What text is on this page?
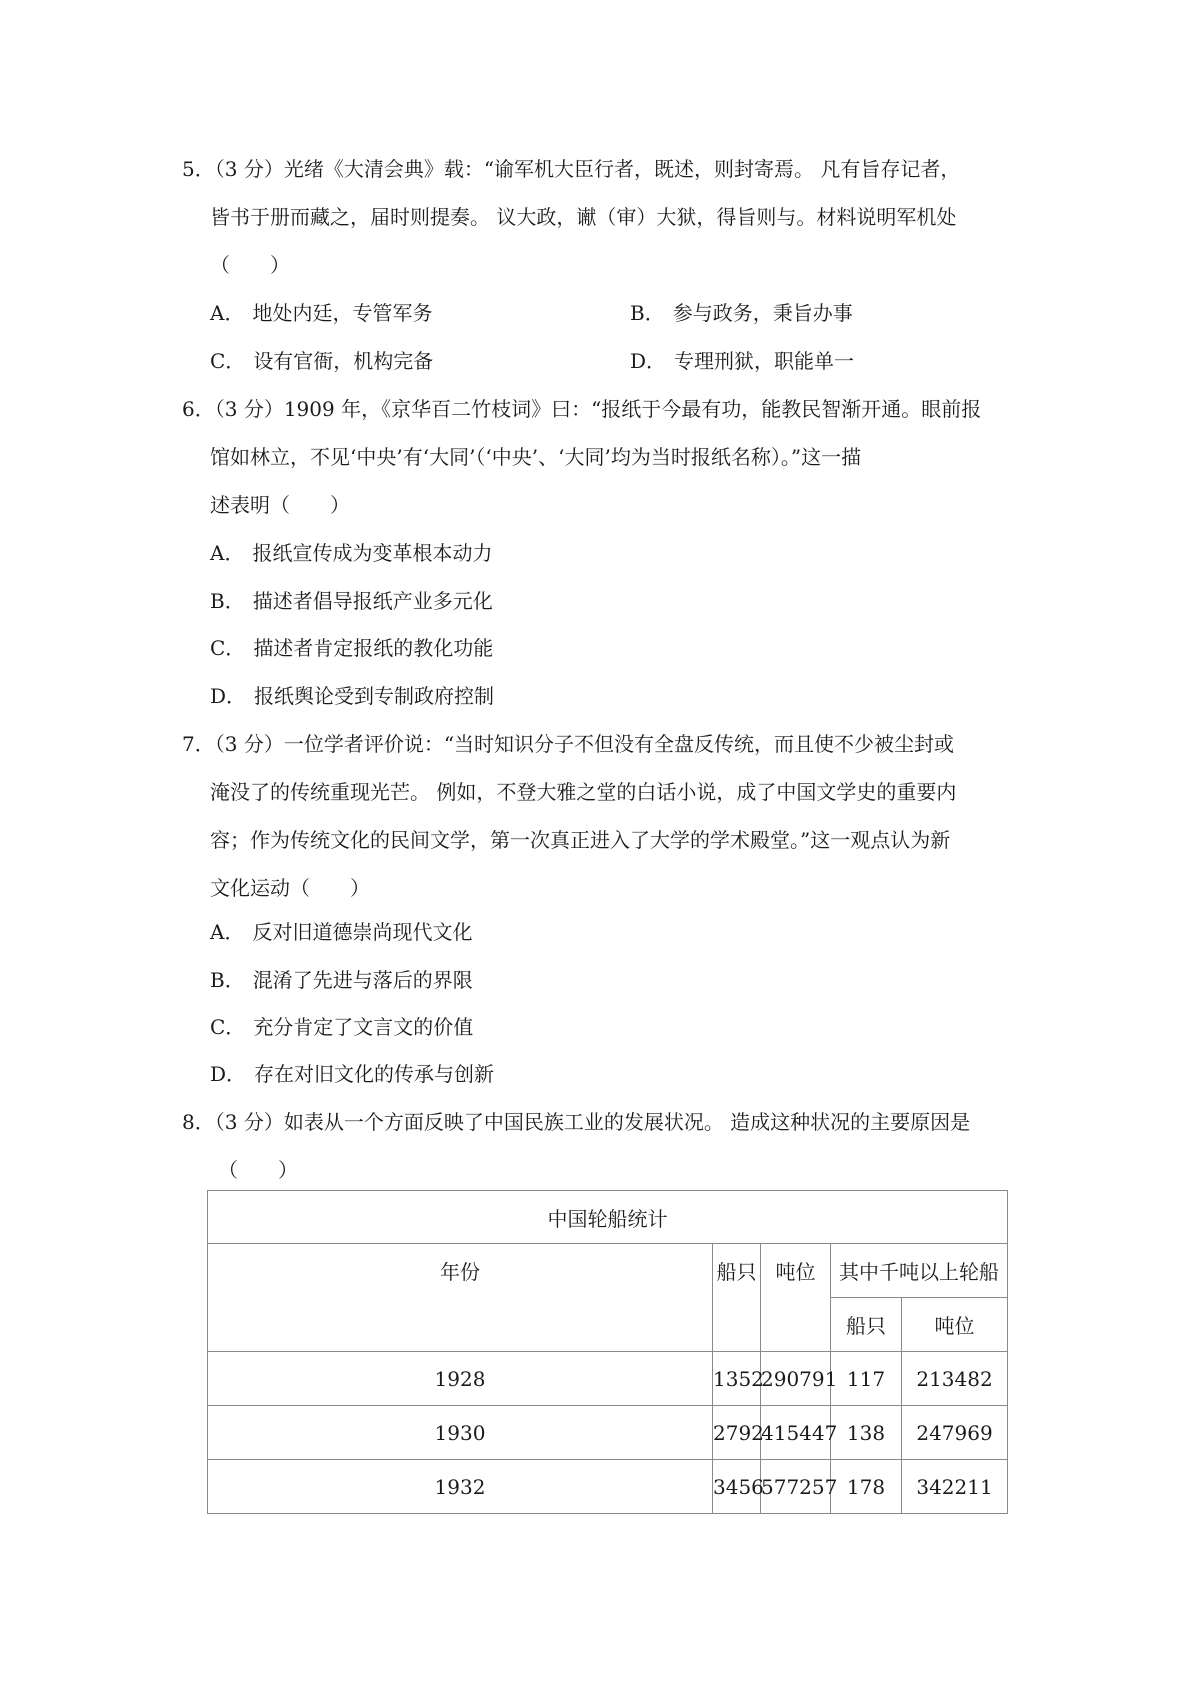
5．（3 分）光绪《大清会典》载：“谕军机大臣行者，既述，则封寄焉。 凡有旨存记者，
皆书于册而藏之，届时则提奏。 议大政，谳（审）大狱，得旨则与。材料说明军机处
（　　）
A． 地处内廷，专管军务	B． 参与政务，秉旨办事
C． 设有官衙，机构完备	D． 专理刑狱，职能单一
6．（3 分）1909 年，《京华百二竹枝词》曰：“报纸于今最有功，能教民智渐开通。眼前报
馆如林立，不见‘中央’有‘大同’（‘中央’、‘大同’均为当时报纸名称）。”这一描
述表明（　　）
A． 报纸宣传成为变革根本动力
B． 描述者倡导报纸产业多元化
C． 描述者肯定报纸的教化功能
D． 报纸舆论受到专制政府控制
7．（3 分）一位学者评价说：“当时知识分子不但没有全盘反传统，而且使不少被尘封或
淹没了的传统重现光芒。 例如，不登大雅之堂的白话小说，成了中国文学史的重要内
容；作为传统文化的民间文学，第一次真正进入了大学的学术殿堂。”这一观点认为新
文化运动（　　）
A． 反对旧道德崇尚现代文化
B． 混淆了先进与落后的界限
C． 充分肯定了文言文的价值
D． 存在对旧文化的传承与创新
8．（3 分）如表从一个方面反映了中国民族工业的发展状况。 造成这种状况的主要原因是
（　　）
中国轮船统计				
年份	船只	吨位	其中千吨以上轮船	
			船只	吨位
1928	1352	290791	117	213482
1930	2792	415447	138	247969
1932	3456	577257	178	342211
